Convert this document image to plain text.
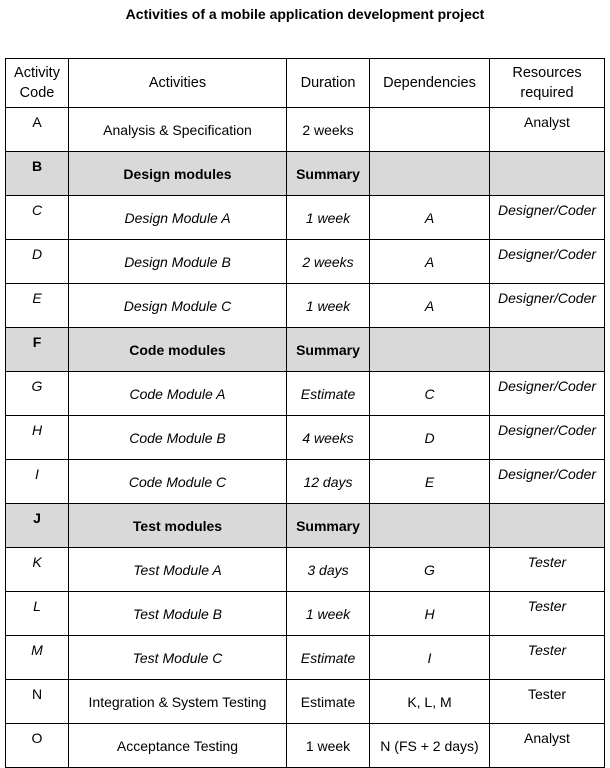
Activities of a mobile application development project
Activity Code	Activities	Duration	Dependencies	Resources required
A	Analysis & Specification	2 weeks		Analyst
B	Design modules	Summary		
C	Design Module A	1 week	A	Designer/Coder
D	Design Module B	2 weeks	A	Designer/Coder
E	Design Module C	1 week	A	Designer/Coder
F	Code modules	Summary		
G	Code Module A	Estimate	C	Designer/Coder
H	Code Module B	4 weeks	D	Designer/Coder
I	Code Module C	12 days	E	Designer/Coder
J	Test modules	Summary		
K	Test Module A	3 days	G	Tester
L	Test Module B	1 week	H	Tester
M	Test Module C	Estimate	I	Tester
N	Integration & System Testing	Estimate	K, L, M	Tester
O	Acceptance Testing	1 week	N (FS + 2 days)	Analyst
